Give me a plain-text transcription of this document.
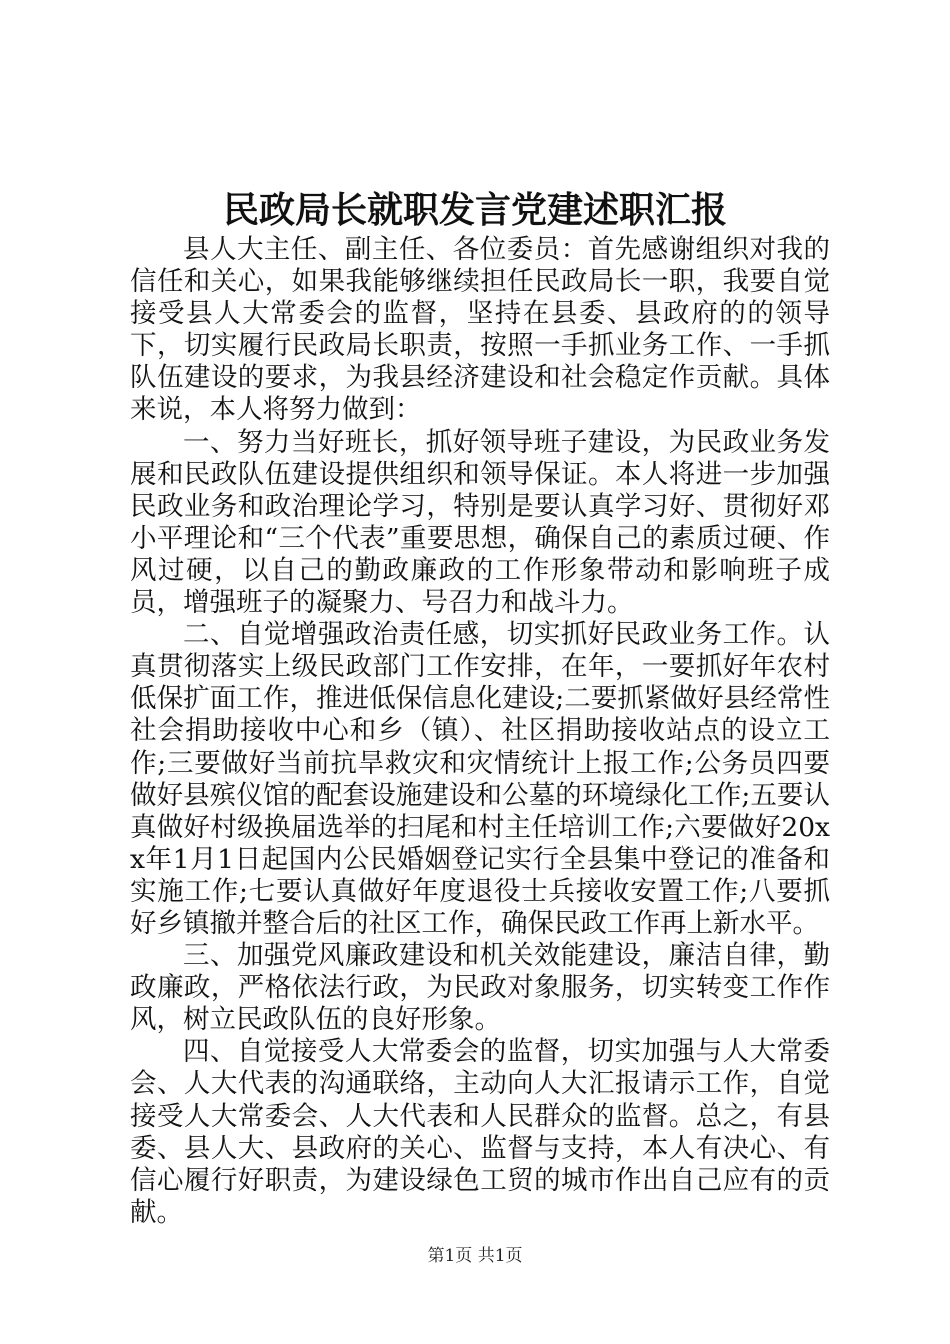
民政局长就职发言党建述职汇报

县人大主任、副主任、各位委员：首先感谢组织对我的信任和关心，如果我能够继续担任民政局长一职，我要自觉接受县人大常委会的监督，坚持在县委、县政府的的领导下，切实履行民政局长职责，按照一手抓业务工作、一手抓队伍建设的要求，为我县经济建设和社会稳定作贡献。具体来说，本人将努力做到：

一、努力当好班长，抓好领导班子建设，为民政业务发展和民政队伍建设提供组织和领导保证。本人将进一步加强民政业务和政治理论学习，特别是要认真学习好、贯彻好邓小平理论和“三个代表”重要思想，确保自己的素质过硬、作风过硬，以自己的勤政廉政的工作形象带动和影响班子成员，增强班子的凝聚力、号召力和战斗力。

二、自觉增强政治责任感，切实抓好民政业务工作。认真贯彻落实上级民政部门工作安排，在年，一要抓好年农村低保扩面工作，推进低保信息化建设;二要抓紧做好县经常性社会捐助接收中心和乡（镇）、社区捐助接收站点的设立工作;三要做好当前抗旱救灾和灾情统计上报工作;公务员四要做好县殡仪馆的配套设施建设和公墓的环境绿化工作;五要认真做好村级换届选举的扫尾和村主任培训工作;六要做好20xx年1月1日起国内公民婚姻登记实行全县集中登记的准备和实施工作;七要认真做好年度退役士兵接收安置工作;八要抓好乡镇撤并整合后的社区工作，确保民政工作再上新水平。

三、加强党风廉政建设和机关效能建设，廉洁自律，勤政廉政，严格依法行政，为民政对象服务，切实转变工作作风，树立民政队伍的良好形象。

四、自觉接受人大常委会的监督，切实加强与人大常委会、人大代表的沟通联络，主动向人大汇报请示工作，自觉接受人大常委会、人大代表和人民群众的监督。总之，有县委、县人大、县政府的关心、监督与支持，本人有决心、有信心履行好职责，为建设绿色工贸的城市作出自己应有的贡献。

第1页 共1页
